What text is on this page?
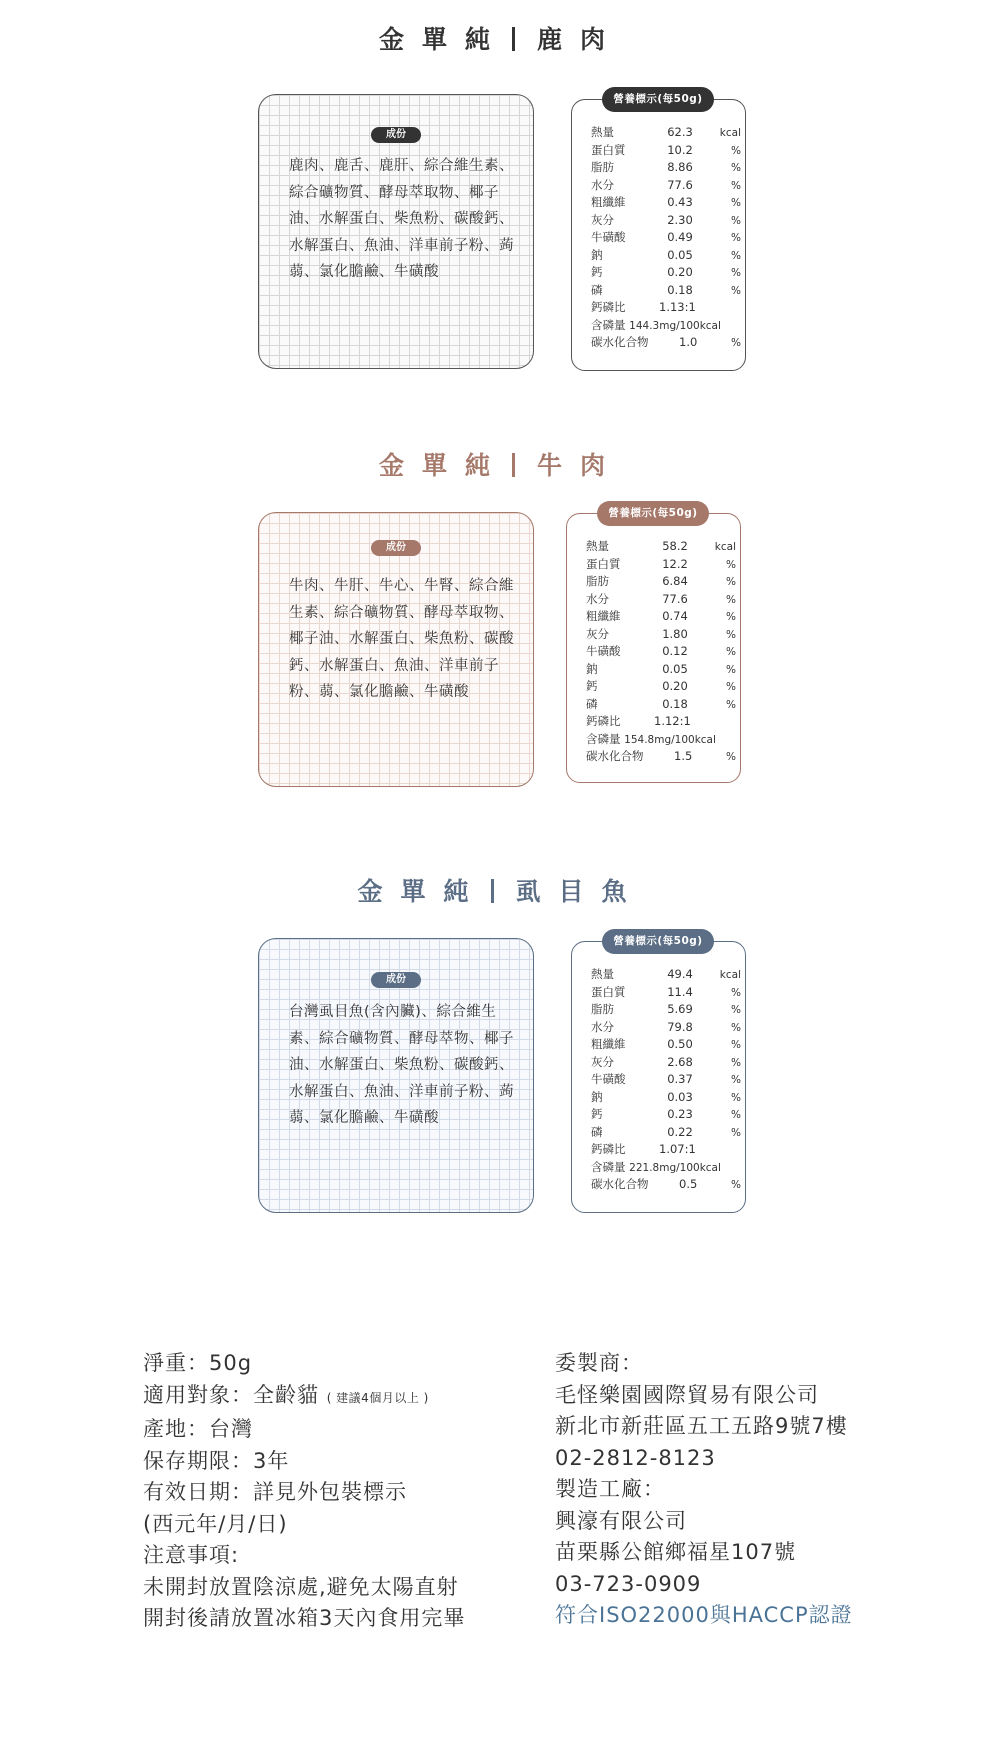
金單純 鹿肉
成份
鹿肉、鹿舌、鹿肝、綜合維生素、綜合礦物質、酵母萃取物、椰子油、水解蛋白、柴魚粉、碳酸鈣、水解蛋白、魚油、洋車前子粉、蒟蒻、氯化膽鹼、牛磺酸
營養標示(每50g)
熱量	62.3	kcal
蛋白質	10.2	%
脂肪	8.86	%
水分	77.6	%
粗纖維	0.43	%
灰分	2.30	%
牛磺酸	0.49	%
鈉	0.05	%
鈣	0.20	%
磷	0.18	%
鈣磷比	1.13:1
含磷量 144.3mg/100kcal
碳水化合物	1.0	%
金單純 牛肉
成份
牛肉、牛肝、牛心、牛腎、綜合維生素、綜合礦物質、酵母萃取物、椰子油、水解蛋白、柴魚粉、碳酸鈣、水解蛋白、魚油、洋車前子粉、蒻、氯化膽鹼、牛磺酸
營養標示(每50g)
熱量	58.2	kcal
蛋白質	12.2	%
脂肪	6.84	%
水分	77.6	%
粗纖維	0.74	%
灰分	1.80	%
牛磺酸	0.12	%
鈉	0.05	%
鈣	0.20	%
磷	0.18	%
鈣磷比	1.12:1
含磷量 154.8mg/100kcal
碳水化合物	1.5	%
金單純 虱目魚
成份
台灣虱目魚(含內臟)、綜合維生素、綜合礦物質、酵母萃物、椰子油、水解蛋白、柴魚粉、碳酸鈣、水解蛋白、魚油、洋車前子粉、蒟蒻、氯化膽鹼、牛磺酸
營養標示(每50g)
熱量	49.4	kcal
蛋白質	11.4	%
脂肪	5.69	%
水分	79.8	%
粗纖維	0.50	%
灰分	2.68	%
牛磺酸	0.37	%
鈉	0.03	%
鈣	0.23	%
磷	0.22	%
鈣磷比	1.07:1
含磷量 221.8mg/100kcal
碳水化合物	0.5	%
淨重：50g
適用對象：全齡貓 ( 建議4個月以上 )
產地：台灣
保存期限：3年
有效日期：詳見外包裝標示
(西元年/月/日)
注意事項:
未開封放置陰涼處,避免太陽直射
開封後請放置冰箱3天內食用完畢
委製商：
毛怪樂園國際貿易有限公司
新北市新莊區五工五路9號7樓
02-2812-8123
製造工廠：
興濠有限公司
苗栗縣公館鄉福星107號
03-723-0909
符合ISO22000與HACCP認證
